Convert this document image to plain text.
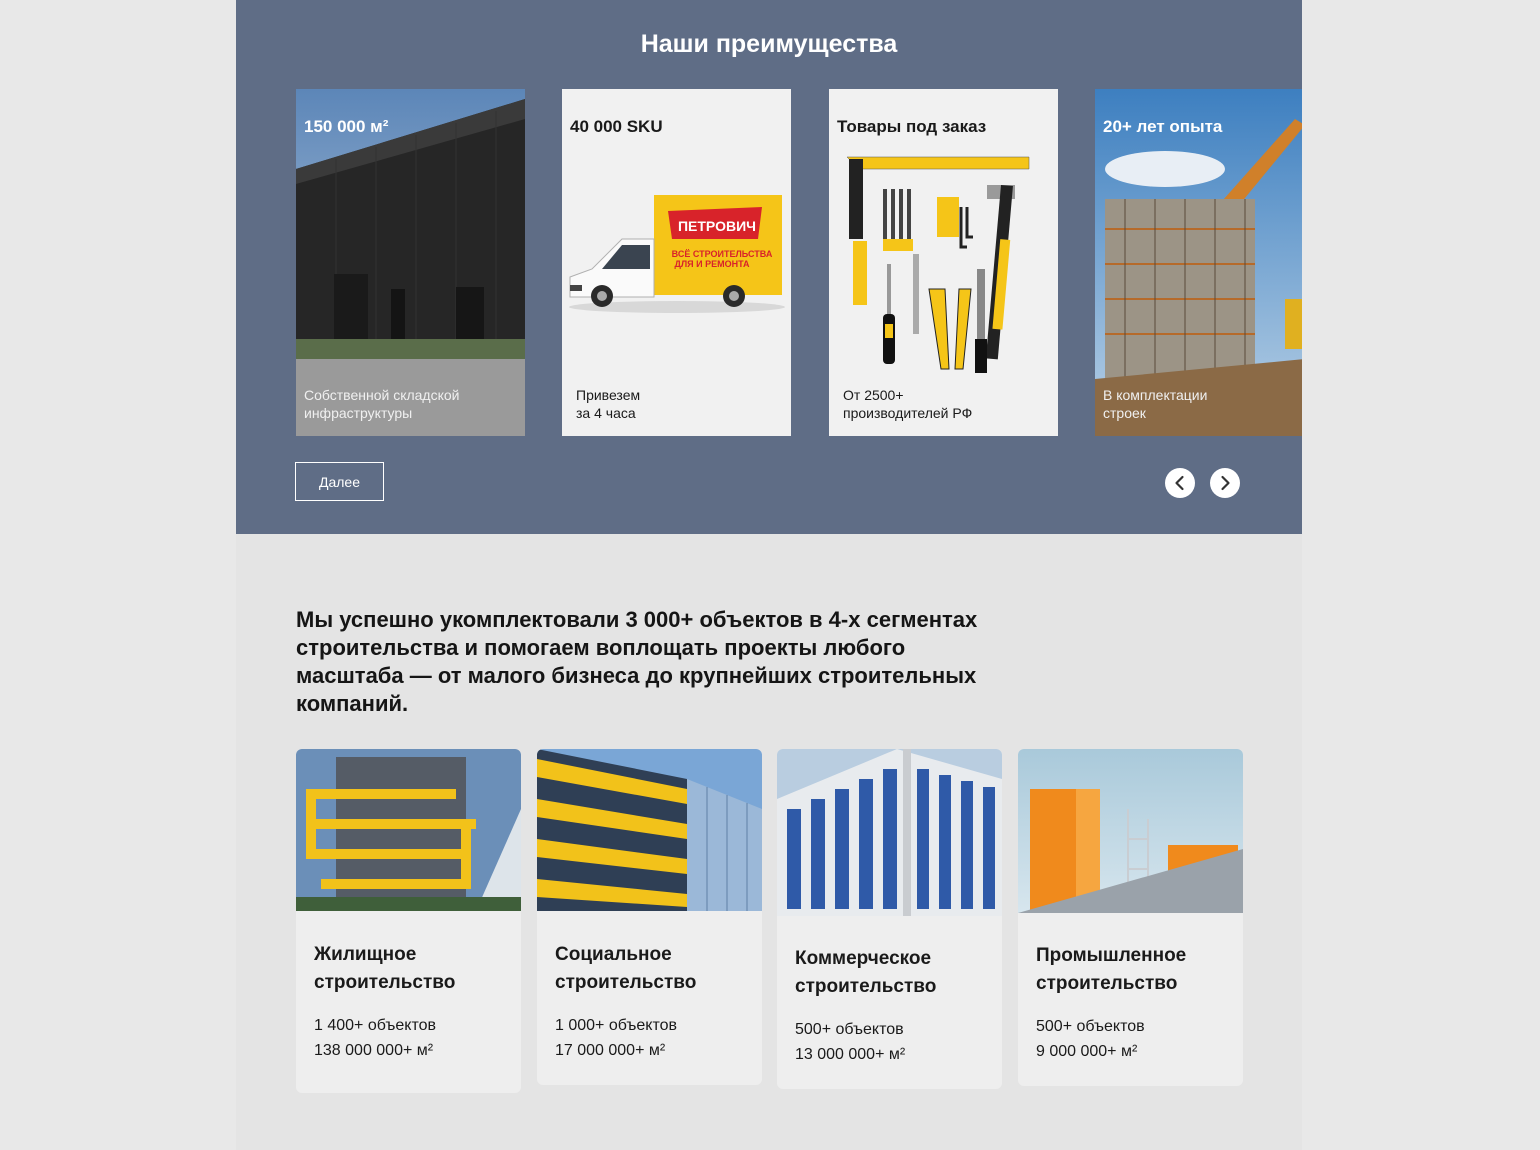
Наши преимущества
150 000 м²
Собственной складской
инфраструктуры
ПЕТРОВИЧ
ВСЁ СТРОИТЕЛЬСТВА
ДЛЯ И РЕМОНТА
40 000 SKU
Привезем
за 4 часа
Товары под заказ
От 2500+
производителей РФ
20+ лет опыта
В комплектации
строек
Далее
Мы успешно укомплектовали 3 000+ объектов в 4-х сегментах строительства и помогаем воплощать проекты любого масштаба — от малого бизнеса до крупнейших строительных компаний.
Жилищное
строительство
1 400+ объектов
138 000 000+ м²
Социальное
строительство
1 000+ объектов
17 000 000+ м²
Коммерческое
строительство
500+ объектов
13 000 000+ м²
Промышленное
строительство
500+ объектов
9 000 000+ м²
